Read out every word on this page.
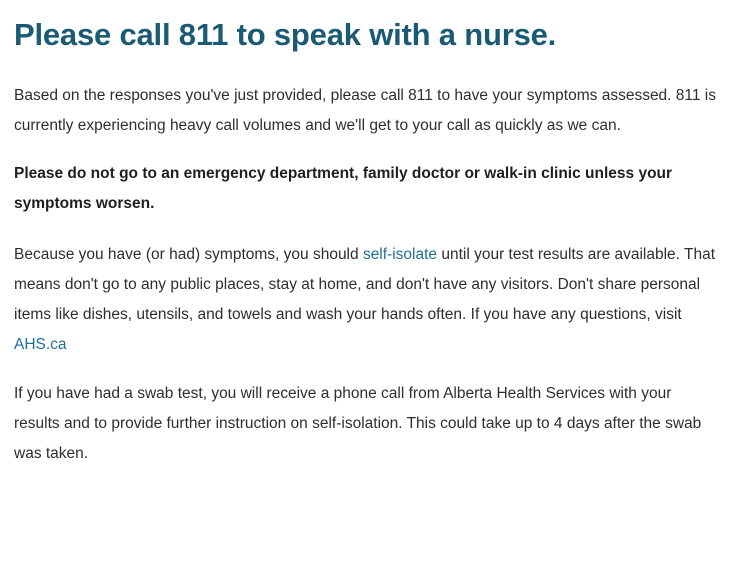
Please call 811 to speak with a nurse.

Based on the responses you've just provided, please call 811 to have your symptoms assessed. 811 is currently experiencing heavy call volumes and we'll get to your call as quickly as we can.

Please do not go to an emergency department, family doctor or walk-in clinic unless your symptoms worsen.

Because you have (or had) symptoms, you should self-isolate until your test results are available. That means don't go to any public places, stay at home, and don't have any visitors. Don't share personal items like dishes, utensils, and towels and wash your hands often. If you have any questions, visit AHS.ca

If you have had a swab test, you will receive a phone call from Alberta Health Services with your results and to provide further instruction on self-isolation. This could take up to 4 days after the swab was taken.
